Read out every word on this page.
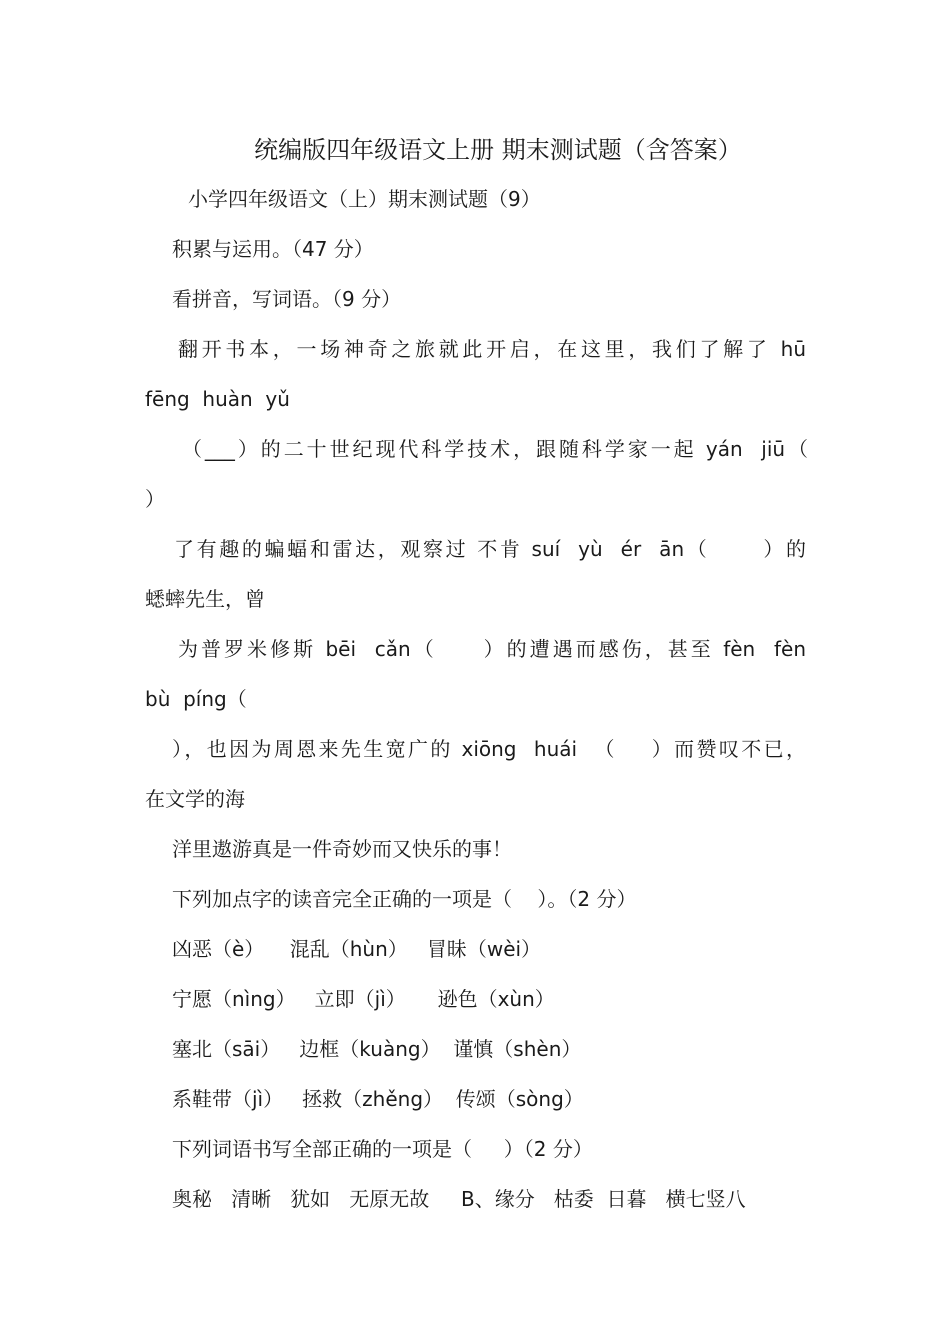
统编版四年级语文上册 期末测试题（含答案）
小学四年级语文（上）期末测试题（9）
积累与运用。（47 分）
看拼音，写词语。（9 分）
翻开书本，一场神奇之旅就此开启，在这里，我们了解了 hū
fēng  huàn  yǔ
（___）的二十世纪现代科学技术，跟随科学家一起 yán  jiū（
）
了有趣的蝙蝠和雷达，观察过 不肯 suí  yù  ér  ān（      ）的
蟋蟀先生，曾
为普罗米修斯 bēi  cǎn（     ）的遭遇而感伤，甚至 fèn  fèn
bù  píng（
），也因为周恩来先生宽广的 xiōng  huái  （    ）而赞叹不已，
在文学的海
洋里遨游真是一件奇妙而又快乐的事！
下列加点字的读音完全正确的一项是（    ）。（2 分）
凶恶（è）    混乱（hùn）   冒昧（wèi）
宁愿（nìng）   立即（jì）     逊色（xùn）
塞北（sāi）   边框（kuàng）  谨慎（shèn）
系鞋带（jì）   拯救（zhěng）  传颂（sòng）
下列词语书写全部正确的一项是（     ）（2 分）
奥秘   清晰   犹如   无原无故     B、缘分   枯委  日暮   横七竖八
